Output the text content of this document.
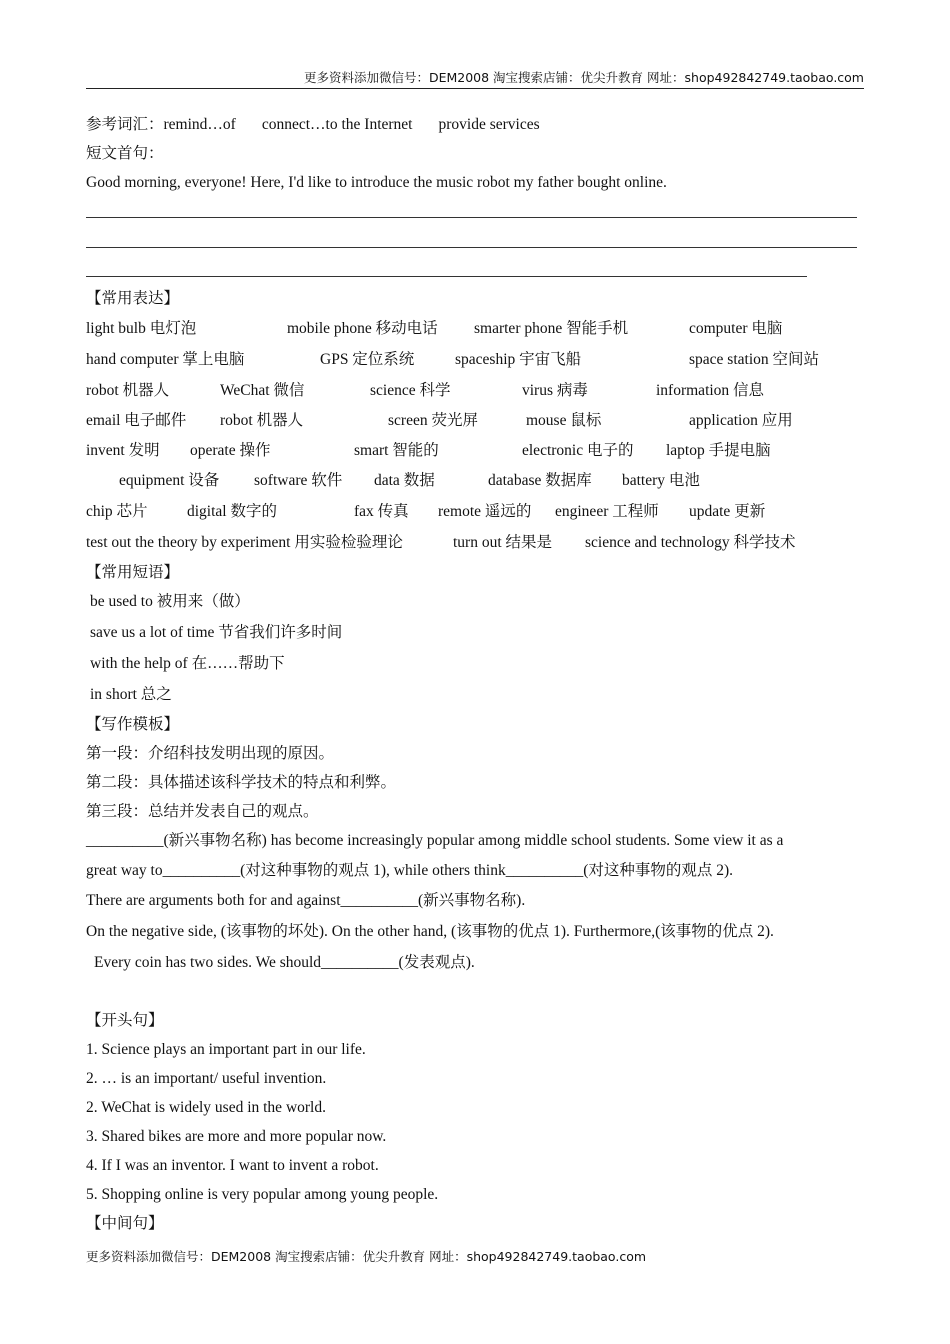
更多资料添加微信号：DEM2008 淘宝搜索店铺：优尖升教育 网址：shop492842749.taobao.com
参考词汇：remind…of connect…to the Internet provide services
短文首句：
Good morning, everyone! Here, I'd like to introduce the music robot my father bought online.
【常用表达】
light bulb 电灯泡	mobile phone 移动电话 smarter phone 智能手机	computer 电脑
hand computer 掌上电脑	GPS 定位系统	spaceship 宇宙飞船	space station 空间站
robot 机器人	WeChat 微信	science 科学	virus 病毒	information 信息
email 电子邮件 robot 机器人	screen 荧光屏	mouse 鼠标	application 应用
invent 发明 operate 操作	smart 智能的	electronic 电子的 laptop 手提电脑
equipment 设备 software 软件 data 数据	database 数据库 battery 电池
chip 芯片	digital 数字的	fax 传真 remote 遥远的 engineer 工程师 update 更新
test out the theory by experiment 用实验检验理论	turn out 结果是 science and technology 科学技术
【常用短语】
be used to 被用来（做）
save us a lot of time 节省我们许多时间
with the help of 在……帮助下
in short 总之
【写作模板】
第一段：介绍科技发明出现的原因。
第二段：具体描述该科学技术的特点和利弊。
第三段：总结并发表自己的观点。
__________(新兴事物名称) has become increasingly popular among middle school students. Some view it as a
great way to__________(对这种事物的观点 1), while others think__________(对这种事物的观点 2).
There are arguments both for and against__________(新兴事物名称).
On the negative side, (该事物的坏处). On the other hand, (该事物的优点 1). Furthermore,(该事物的优点 2).
Every coin has two sides. We should__________(发表观点).
【开头句】
1. Science plays an important part in our life.
2. … is an important/ useful invention.
2. WeChat is widely used in the world.
3. Shared bikes are more and more popular now.
4. If I was an inventor. I want to invent a robot.
5. Shopping online is very popular among young people.
【中间句】
更多资料添加微信号：DEM2008 淘宝搜索店铺：优尖升教育 网址：shop492842749.taobao.com
